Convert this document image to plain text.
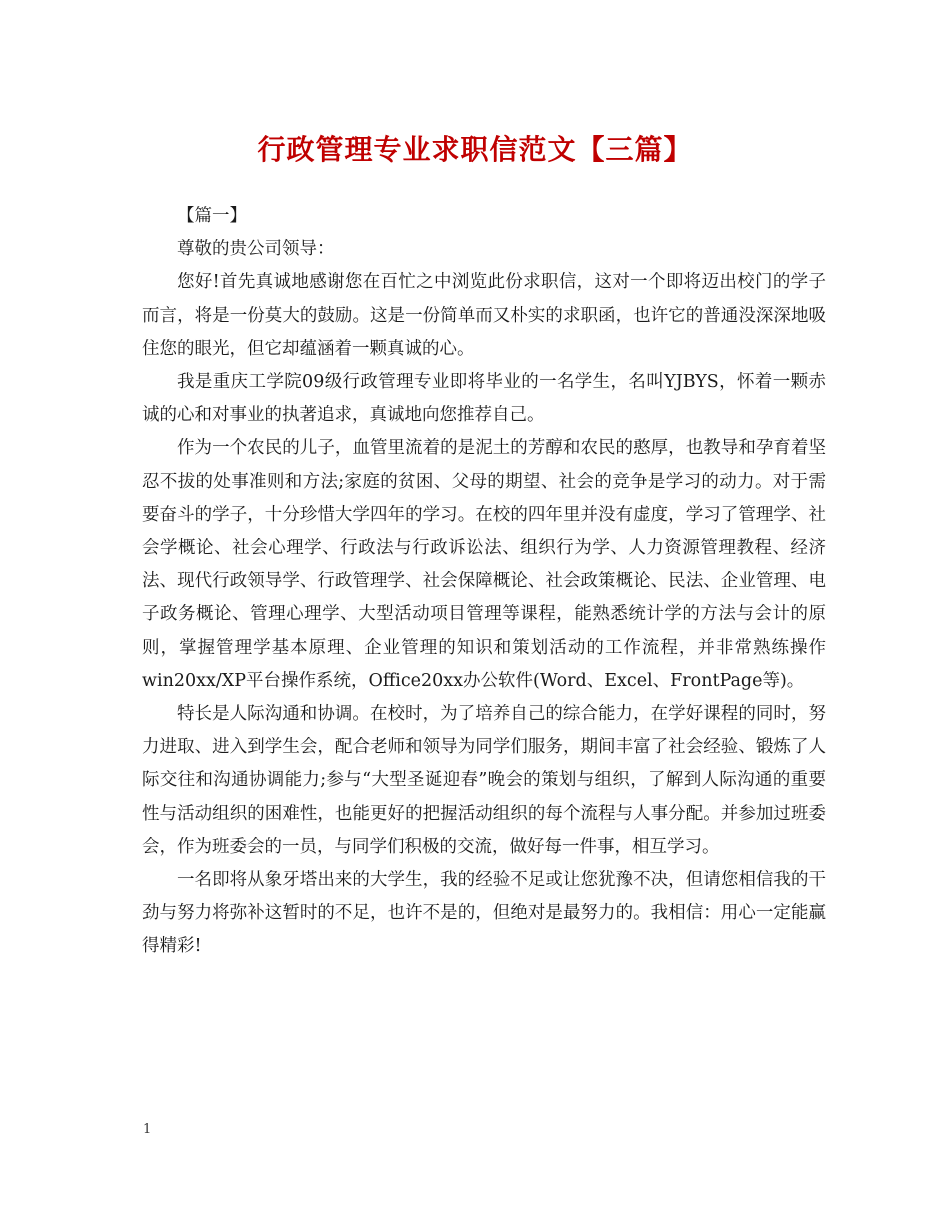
行政管理专业求职信范文【三篇】

【篇一】

尊敬的贵公司领导：

您好!首先真诚地感谢您在百忙之中浏览此份求职信，这对一个即将迈出校门的学子而言，将是一份莫大的鼓励。这是一份简单而又朴实的求职函，也许它的普通没深深地吸住您的眼光，但它却蕴涵着一颗真诚的心。

我是重庆工学院09级行政管理专业即将毕业的一名学生，名叫YJBYS，怀着一颗赤诚的心和对事业的执著追求，真诚地向您推荐自己。

作为一个农民的儿子，血管里流着的是泥土的芳醇和农民的憨厚，也教导和孕育着坚忍不拔的处事准则和方法;家庭的贫困、父母的期望、社会的竞争是学习的动力。对于需要奋斗的学子，十分珍惜大学四年的学习。在校的四年里并没有虚度，学习了管理学、社会学概论、社会心理学、行政法与行政诉讼法、组织行为学、人力资源管理教程、经济法、现代行政领导学、行政管理学、社会保障概论、社会政策概论、民法、企业管理、电子政务概论、管理心理学、大型活动项目管理等课程，能熟悉统计学的方法与会计的原则，掌握管理学基本原理、企业管理的知识和策划活动的工作流程，并非常熟练操作win20xx/XP平台操作系统，Office20xx办公软件(Word、Excel、FrontPage等)。

特长是人际沟通和协调。在校时，为了培养自己的综合能力，在学好课程的同时，努力进取、进入到学生会，配合老师和领导为同学们服务，期间丰富了社会经验、锻炼了人际交往和沟通协调能力;参与“大型圣诞迎春”晚会的策划与组织，了解到人际沟通的重要性与活动组织的困难性，也能更好的把握活动组织的每个流程与人事分配。并参加过班委会，作为班委会的一员，与同学们积极的交流，做好每一件事，相互学习。

一名即将从象牙塔出来的大学生，我的经验不足或让您犹豫不决，但请您相信我的干劲与努力将弥补这暂时的不足，也许不是的，但绝对是最努力的。我相信：用心一定能赢得精彩!

1
